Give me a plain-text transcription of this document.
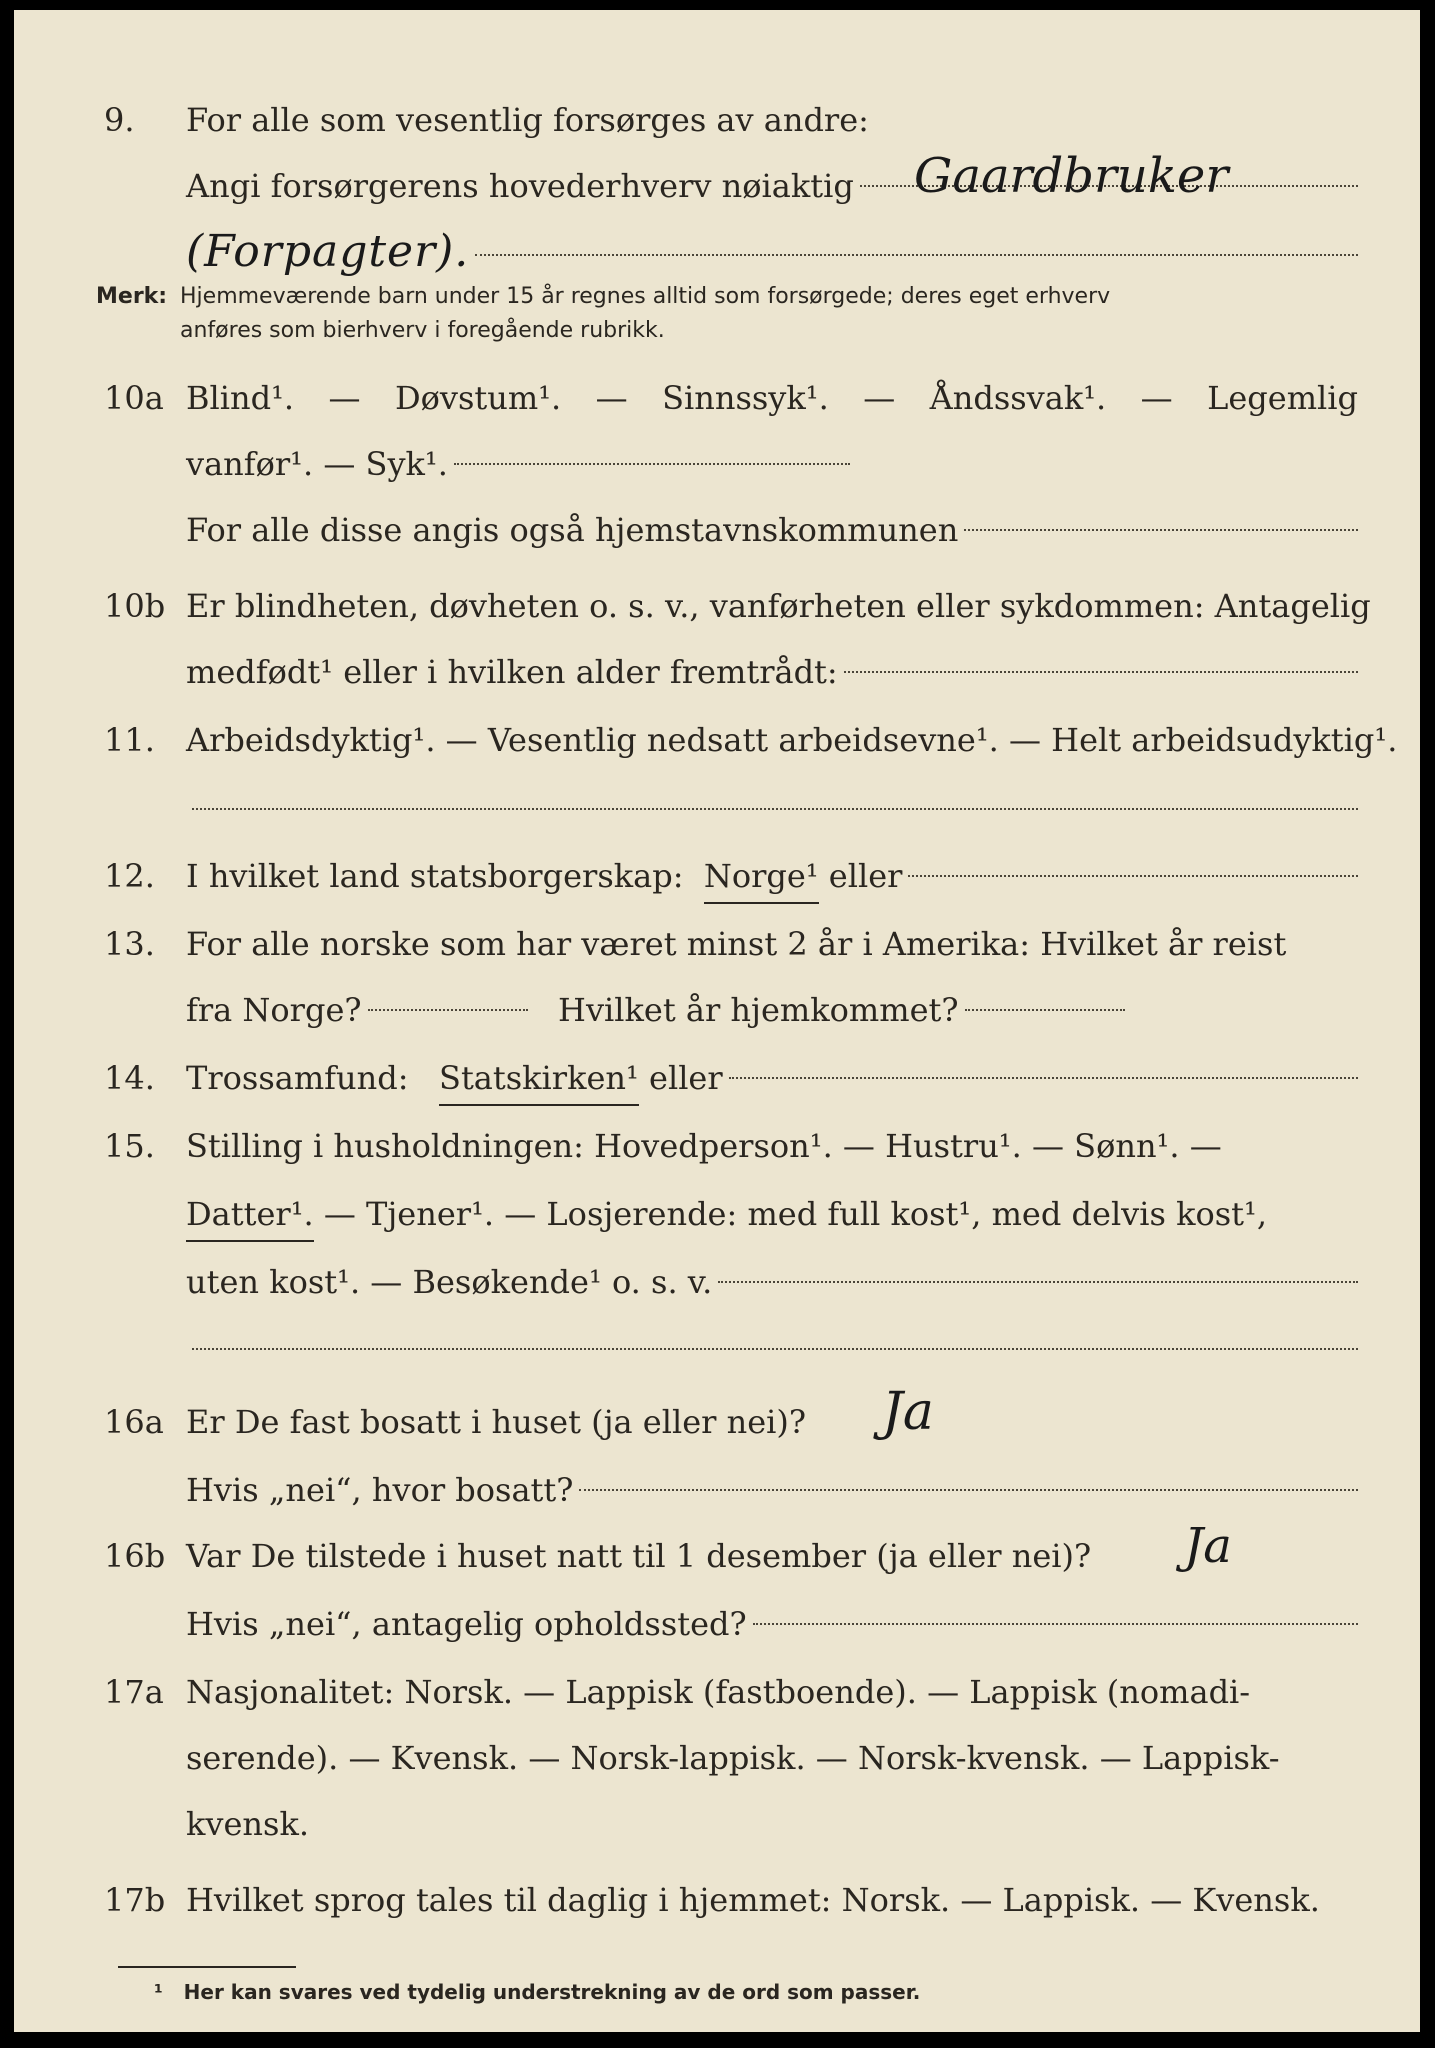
9. For alle som vesentlig forsørges av andre:
Angi forsørgerens hovederhverv nøiaktig Gaardbruker
(Forpagter).
Merk: Hjemmeværende barn under 15 år regnes alltid som forsørgede; deres eget erhverv
anføres som bierhverv i foregående rubrikk.
10a Blind¹. — Døvstum¹. — Sinnssyk¹. — Åndssvak¹. — Legemlig
vanfør¹. — Syk¹.
For alle disse angis også hjemstavnskommunen
10b Er blindheten, døvheten o. s. v., vanførheten eller sykdommen: Antagelig
medfødt¹ eller i hvilken alder fremtrådt:
11. Arbeidsdyktig¹. — Vesentlig nedsatt arbeidsevne¹. — Helt arbeidsudyktig¹.
12. I hvilket land statsborgerskap:
Norge¹
eller
13. For alle norske som har været minst 2 år i Amerika: Hvilket år reist
fra Norge?
	Hvilket år hjemkommet?
14. Trossamfund:
Statskirken¹
eller
15. Stilling i husholdningen: Hovedperson¹. — Hustru¹. — Sønn¹. —
Datter¹.
— Tjener¹. — Losjerende: med full kost¹, med delvis kost¹,
uten kost¹. — Besøkende¹ o. s. v.
16a Er De fast bosatt i huset (ja eller nei)?	Ja
Hvis „nei“, hvor bosatt?
16b Var De tilstede i huset natt til 1 desember (ja eller nei)?	Ja
Hvis „nei“, antagelig opholdssted?
17a Nasjonalitet: Norsk. — Lappisk (fastboende). — Lappisk (nomadi-
serende). — Kvensk. — Norsk-lappisk. — Norsk-kvensk. — Lappisk-
kvensk.
17b Hvilket sprog tales til daglig i hjemmet: Norsk. — Lappisk. — Kvensk.
¹ Her kan svares ved tydelig understrekning av de ord som passer.
